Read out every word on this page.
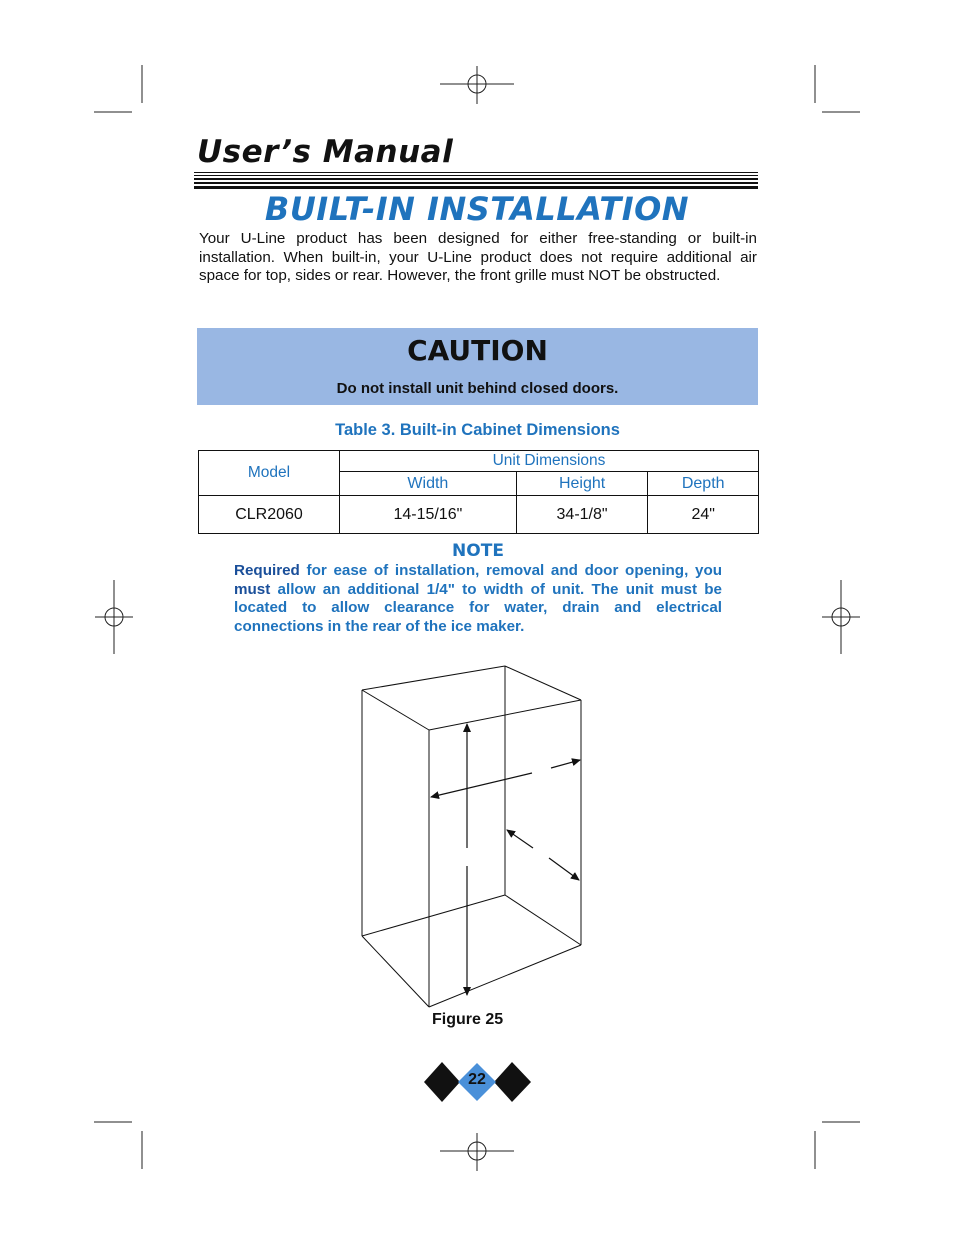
User’s Manual
BUILT-IN INSTALLATION
Your U-Line product has been designed for either free-standing or built-in installation. When built-in, your U-Line product does not require additional air space for top, sides or rear. However, the front grille must NOT be obstructed.
CAUTION
Do not install unit behind closed doors.
Table 3. Built-in Cabinet Dimensions
Model	Unit Dimensions		
	Width	Height	Depth
CLR2060	14-15/16"	34-1/8"	24"
NOTE
Required for ease of installation, removal and door opening, you must allow an additional 1/4" to width of unit. The unit must be located to allow clearance for water, drain and electrical connections in the rear of the ice maker.
Figure 25
22
